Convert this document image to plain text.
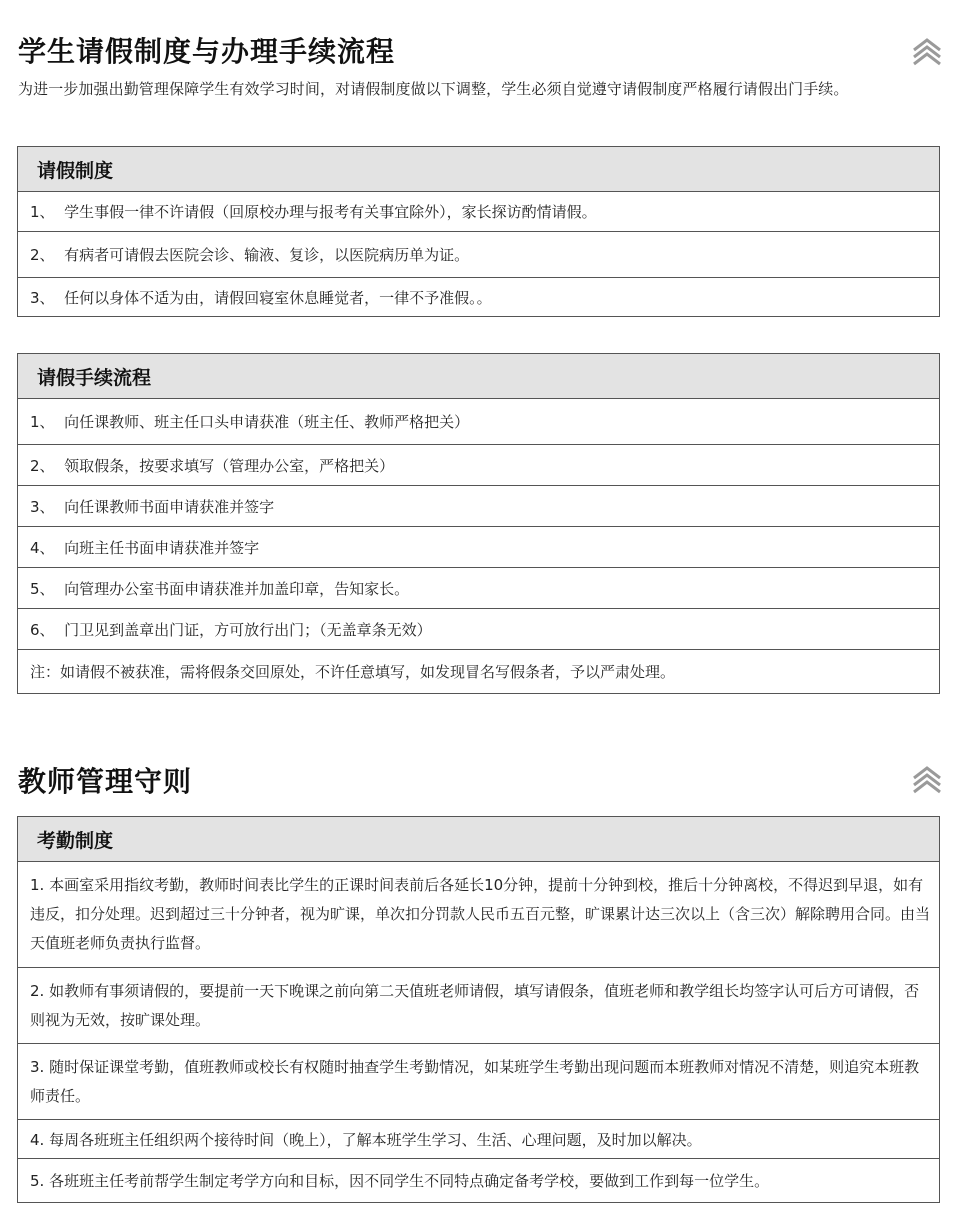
学生请假制度与办理手续流程
为进一步加强出勤管理保障学生有效学习时间，对请假制度做以下调整，学生必须自觉遵守请假制度严格履行请假出门手续。
请假制度
1、 学生事假一律不许请假（回原校办理与报考有关事宜除外），家长探访酌情请假。
2、 有病者可请假去医院会诊、输液、复诊，以医院病历单为证。
3、 任何以身体不适为由，请假回寝室休息睡觉者，一律不予准假。。
请假手续流程
1、 向任课教师、班主任口头申请获准（班主任、教师严格把关）
2、 领取假条，按要求填写（管理办公室，严格把关）
3、 向任课教师书面申请获准并签字
4、 向班主任书面申请获准并签字
5、 向管理办公室书面申请获准并加盖印章，告知家长。
6、 门卫见到盖章出门证，方可放行出门；（无盖章条无效）
注：如请假不被获准，需将假条交回原处，不许任意填写，如发现冒名写假条者，予以严肃处理。
教师管理守则
考勤制度
1. 本画室采用指纹考勤，教师时间表比学生的正课时间表前后各延长10分钟，提前十分钟到校，推后十分钟离校，不得迟到早退，如有违反，扣分处理。迟到超过三十分钟者，视为旷课，单次扣分罚款人民币五百元整，旷课累计达三次以上（含三次）解除聘用合同。由当天值班老师负责执行监督。
2. 如教师有事须请假的，要提前一天下晚课之前向第二天值班老师请假，填写请假条，值班老师和教学组长均签字认可后方可请假，否则视为无效，按旷课处理。
3. 随时保证课堂考勤，值班教师或校长有权随时抽查学生考勤情况，如某班学生考勤出现问题而本班教师对情况不清楚，则追究本班教师责任。
4. 每周各班班主任组织两个接待时间（晚上），了解本班学生学习、生活、心理问题，及时加以解决。
5. 各班班主任考前帮学生制定考学方向和目标，因不同学生不同特点确定备考学校，要做到工作到每一位学生。
